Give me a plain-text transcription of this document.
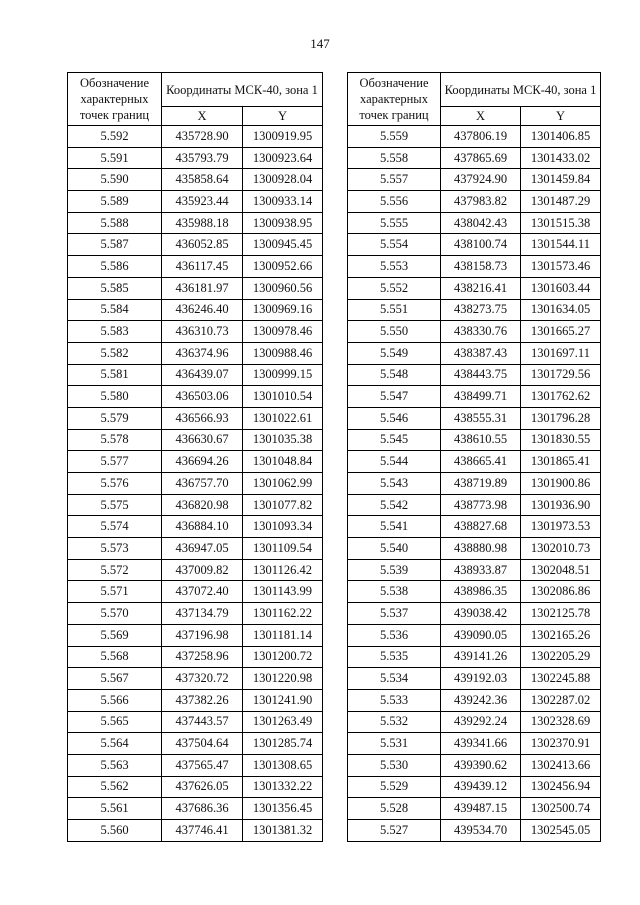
147
Обозначение характерных точек границ	Координаты МСК-40, зона 1	
	X	Y
5.592	435728.90	1300919.95
5.591	435793.79	1300923.64
5.590	435858.64	1300928.04
5.589	435923.44	1300933.14
5.588	435988.18	1300938.95
5.587	436052.85	1300945.45
5.586	436117.45	1300952.66
5.585	436181.97	1300960.56
5.584	436246.40	1300969.16
5.583	436310.73	1300978.46
5.582	436374.96	1300988.46
5.581	436439.07	1300999.15
5.580	436503.06	1301010.54
5.579	436566.93	1301022.61
5.578	436630.67	1301035.38
5.577	436694.26	1301048.84
5.576	436757.70	1301062.99
5.575	436820.98	1301077.82
5.574	436884.10	1301093.34
5.573	436947.05	1301109.54
5.572	437009.82	1301126.42
5.571	437072.40	1301143.99
5.570	437134.79	1301162.22
5.569	437196.98	1301181.14
5.568	437258.96	1301200.72
5.567	437320.72	1301220.98
5.566	437382.26	1301241.90
5.565	437443.57	1301263.49
5.564	437504.64	1301285.74
5.563	437565.47	1301308.65
5.562	437626.05	1301332.22
5.561	437686.36	1301356.45
5.560	437746.41	1301381.32
Обозначение характерных точек границ	Координаты МСК-40, зона 1	
	X	Y
5.559	437806.19	1301406.85
5.558	437865.69	1301433.02
5.557	437924.90	1301459.84
5.556	437983.82	1301487.29
5.555	438042.43	1301515.38
5.554	438100.74	1301544.11
5.553	438158.73	1301573.46
5.552	438216.41	1301603.44
5.551	438273.75	1301634.05
5.550	438330.76	1301665.27
5.549	438387.43	1301697.11
5.548	438443.75	1301729.56
5.547	438499.71	1301762.62
5.546	438555.31	1301796.28
5.545	438610.55	1301830.55
5.544	438665.41	1301865.41
5.543	438719.89	1301900.86
5.542	438773.98	1301936.90
5.541	438827.68	1301973.53
5.540	438880.98	1302010.73
5.539	438933.87	1302048.51
5.538	438986.35	1302086.86
5.537	439038.42	1302125.78
5.536	439090.05	1302165.26
5.535	439141.26	1302205.29
5.534	439192.03	1302245.88
5.533	439242.36	1302287.02
5.532	439292.24	1302328.69
5.531	439341.66	1302370.91
5.530	439390.62	1302413.66
5.529	439439.12	1302456.94
5.528	439487.15	1302500.74
5.527	439534.70	1302545.05
